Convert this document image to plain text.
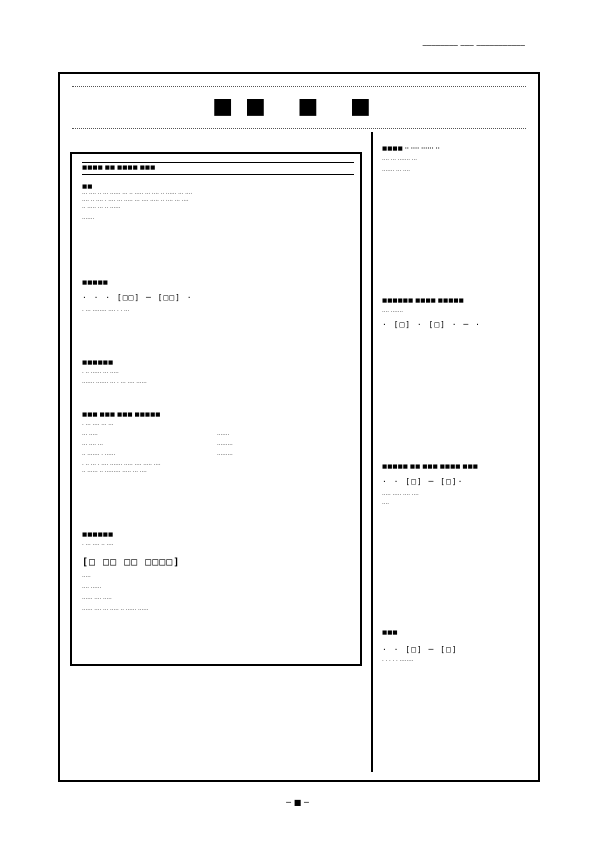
──────── ─── ───────────
■■ ■ ■
■■■■ ■■ ■■■■ ■■■
■■
··· ···· ·· ··· ······ ··· ·· ····· ··· ···· ·· ······ ··· ····
···· ·· ···· · ···· ··· ····· ··· ···· ····· ·· ···· ··· ····
·· ····· ··· ·· ······
·······
■■■■■
· · · [□□] ─ [□□] ·
· ··· ········ ···· · · ···
■■■■■■
· ·· ······ ··· ·····
······· ······· ··· · ··· ···· ······
■■■ ■■■ ■■■ ■■■■■
· ··· ···· ··· ···
··· ·····	·······
··· ···· ···	·········
·· ······· · ······	·········
· ·· ··· · ···· ······· ····· ···· ····· ····
·· ······ ·· ········· ····· ··· ····
■■■■■■
· ··· ···· ·· ····
[□ □□ □□ □□□□]
·····
···· ······
······ ···· ·····
······ ···· ··· ····· ·· ······ ······
■■■■ ·· ···· ······ ··
···· ··· ······· ···
······· ··· ····
■■■■■■ ■■■■ ■■■■■
···· ·······
· [□] · [□] · ─ ·
■■■■■ ■■ ■■■ ■■■■ ■■■
· · [□] ─ [□]·
····· ····· ···· ····
····
■■■
· · [□] ─ [□]
· · · · · ········
─ ■ ─
